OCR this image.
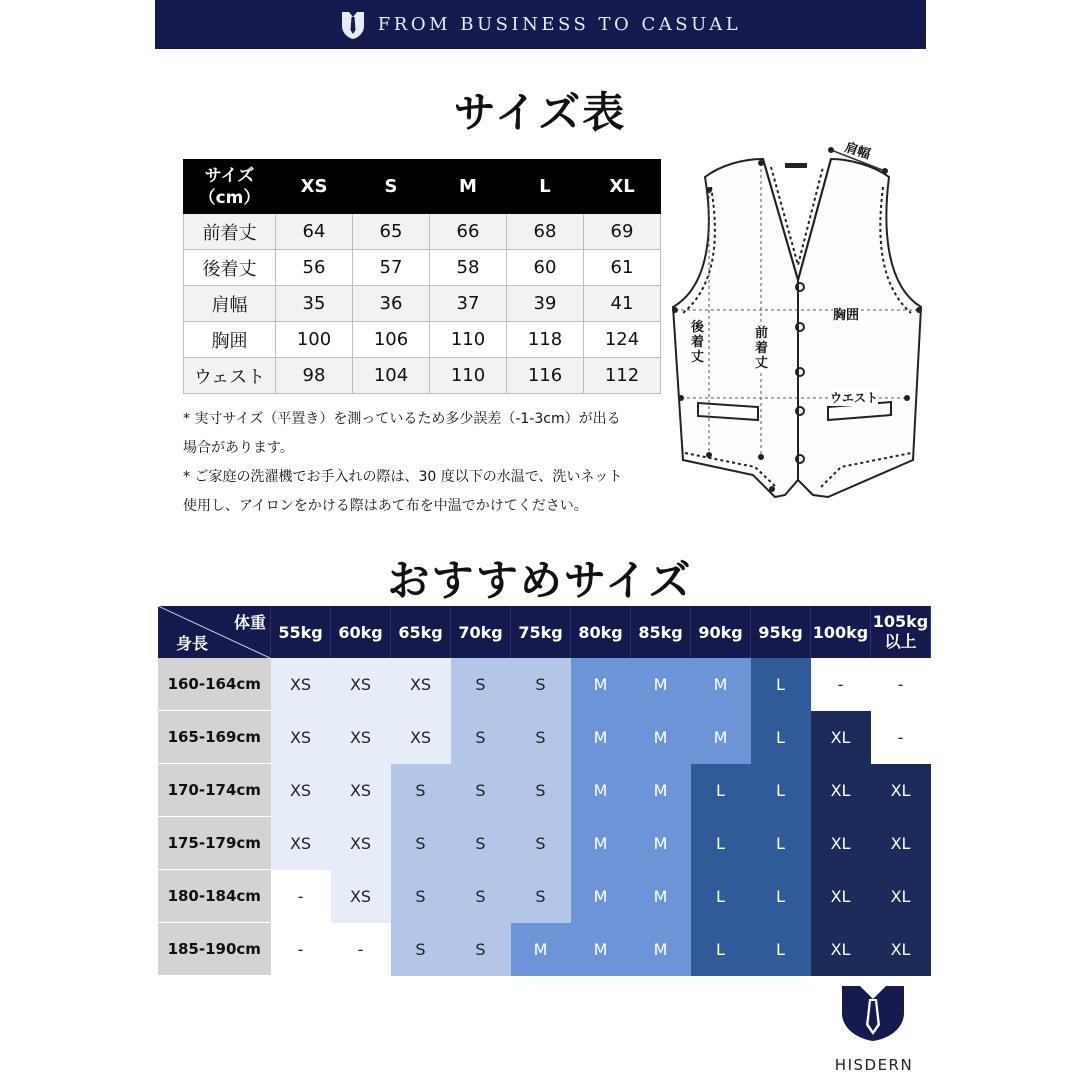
FROM BUSINESS TO CASUAL
サイズ表
サイズ
（cm）	XS	S	M	L	XL
前着丈	64	65	66	68	69
後着丈	56	57	58	60	61
肩幅	35	36	37	39	41
胸囲	100	106	110	118	124
ウェスト	98	104	110	116	112
* 実寸サイズ（平置き）を測っているため多少誤差（-1-3cm）が出る
場合があります。
* ご家庭の洗濯機でお手入れの際は、30 度以下の水温で、洗いネット
使用し、アイロンをかける際はあて布を中温でかけてください。
肩幅
胸囲
後着丈
前着丈
ウエスト
おすすめサイズ
体重
身長	55kg	60kg	65kg	70kg	75kg	80kg	85kg	90kg	95kg	100kg	105kg
以上
160-164cm	XS	XS	XS	S	S	M	M	M	L	-	-
165-169cm	XS	XS	XS	S	S	M	M	M	L	XL	-
170-174cm	XS	XS	S	S	S	M	M	L	L	XL	XL
175-179cm	XS	XS	S	S	S	M	M	L	L	XL	XL
180-184cm	-	XS	S	S	S	M	M	L	L	XL	XL
185-190cm	-	-	S	S	M	M	M	L	L	XL	XL
HISDERN
